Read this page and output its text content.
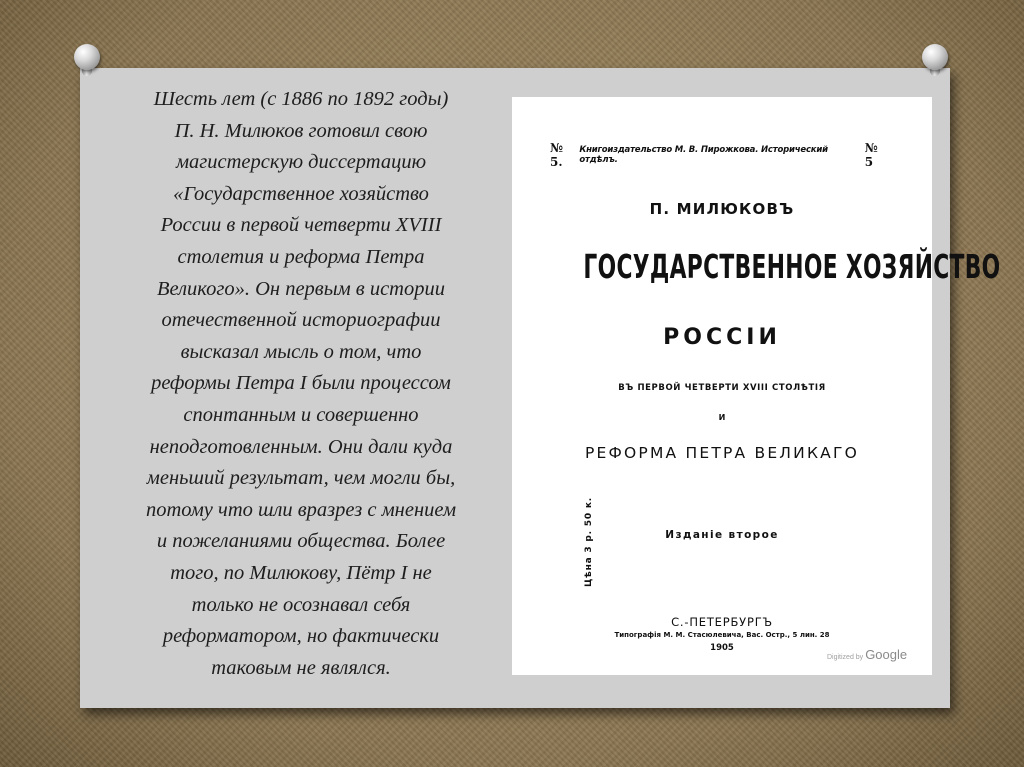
Шесть лет (с 1886 по 1892 годы)

П. Н. Милюков готовил свою

магистерскую диссертацию

«Государственное хозяйство

России в первой четверти XVIII

столетия и реформа Петра

Великого». Он первым в истории

отечественной историографии

высказал мысль о том, что

реформы Петра I были процессом

спонтанным и совершенно

неподготовленным. Они дали куда

меньший результат, чем могли бы,

потому что шли вразрез с мнением

и пожеланиями общества. Более

того, по Милюкову, Пётр I не

только не осознавал себя

реформатором, но фактически

таковым не являлся.

№ 5.
Книгоиздательство М. В. Пирожкова. Исторический отдѣлъ.
№ 5
П. МИЛЮКОВЪ
ГОСУДАРСТВЕННОЕ ХОЗЯЙСТВО
РОССІИ
ВЪ ПЕРВОЙ ЧЕТВЕРТИ XVIII СТОЛѢТІЯ
И
РЕФОРМА ПЕТРА ВЕЛИКАГО
Изданіе второе
Цѣна 3 р. 50 к.
С.-ПЕТЕРБУРГЪ
Типографія М. М. Стасюлевича, Вас. Остр., 5 лин. 28
1905
Digitized by Google
